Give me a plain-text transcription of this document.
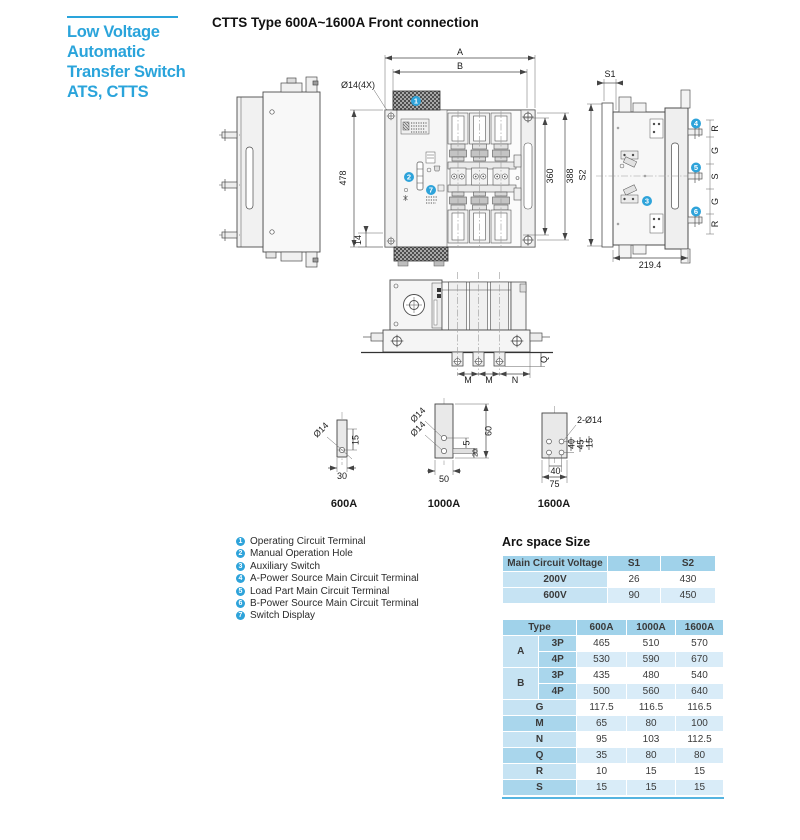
Low Voltage
Automatic
Transfer Switch
ATS, CTTS
CTTS Type 600A~1600A Front connection
A
B
Ø14(4X)
1
2
7
478
14
360 388 S2
S1
3
4
5
6
R
G
S
G
R
219.4
M M N
Q
Ø14
15
30
600A
Ø14
Ø14
5
20
60
50
1000A
2-Ø14
40 45 15
40
75
1600A
1 Operating Circuit Terminal
2 Manual Operation Hole
3 Auxiliary Switch
4 A-Power Source Main Circuit Terminal
5 Load Part Main Circuit Terminal
6 B-Power Source Main Circuit Terminal
7 Switch Display
Arc space Size
Main Circuit Voltage	S1	S2
200V	26	430
600V	90	450
Type		600A	1000A	1600A
A	3P	465	510	570
	4P	530	590	670
B	3P	435	480	540
	4P	500	560	640
G		117.5	116.5	116.5
M		65	80	100
N		95	103	112.5
Q		35	80	80
R		10	15	15
S		15	15	15
